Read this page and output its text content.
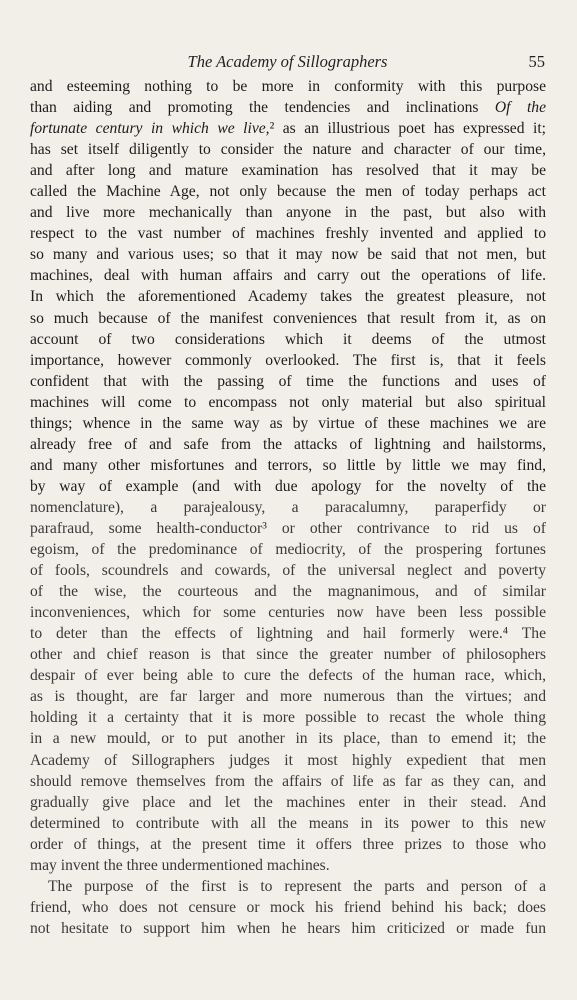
The Academy of Sillographers	55
and esteeming nothing to be more in conformity with this purpose
than aiding and promoting the tendencies and inclinations Of the
fortunate century in which we live,² as an illustrious poet has expressed it;
has set itself diligently to consider the nature and character of our time,
and after long and mature examination has resolved that it may be
called the Machine Age, not only because the men of today perhaps act
and live more mechanically than anyone in the past, but also with
respect to the vast number of machines freshly invented and applied to
so many and various uses; so that it may now be said that not men, but
machines, deal with human affairs and carry out the operations of life.
In which the aforementioned Academy takes the greatest pleasure, not
so much because of the manifest conveniences that result from it, as on
account of two considerations which it deems of the utmost
importance, however commonly overlooked. The first is, that it feels
confident that with the passing of time the functions and uses of
machines will come to encompass not only material but also spiritual
things; whence in the same way as by virtue of these machines we are
already free of and safe from the attacks of lightning and hailstorms,
and many other misfortunes and terrors, so little by little we may find,
by way of example (and with due apology for the novelty of the
nomenclature), a parajealousy, a paracalumny, paraperfidy or
parafraud, some health-conductor³ or other contrivance to rid us of
egoism, of the predominance of mediocrity, of the prospering fortunes
of fools, scoundrels and cowards, of the universal neglect and poverty
of the wise, the courteous and the magnanimous, and of similar
inconveniences, which for some centuries now have been less possible
to deter than the effects of lightning and hail formerly were.⁴ The
other and chief reason is that since the greater number of philosophers
despair of ever being able to cure the defects of the human race, which,
as is thought, are far larger and more numerous than the virtues; and
holding it a certainty that it is more possible to recast the whole thing
in a new mould, or to put another in its place, than to emend it; the
Academy of Sillographers judges it most highly expedient that men
should remove themselves from the affairs of life as far as they can, and
gradually give place and let the machines enter in their stead. And
determined to contribute with all the means in its power to this new
order of things, at the present time it offers three prizes to those who
may invent the three undermentioned machines.
The purpose of the first is to represent the parts and person of a
friend, who does not censure or mock his friend behind his back; does
not hesitate to support him when he hears him criticized or made fun
